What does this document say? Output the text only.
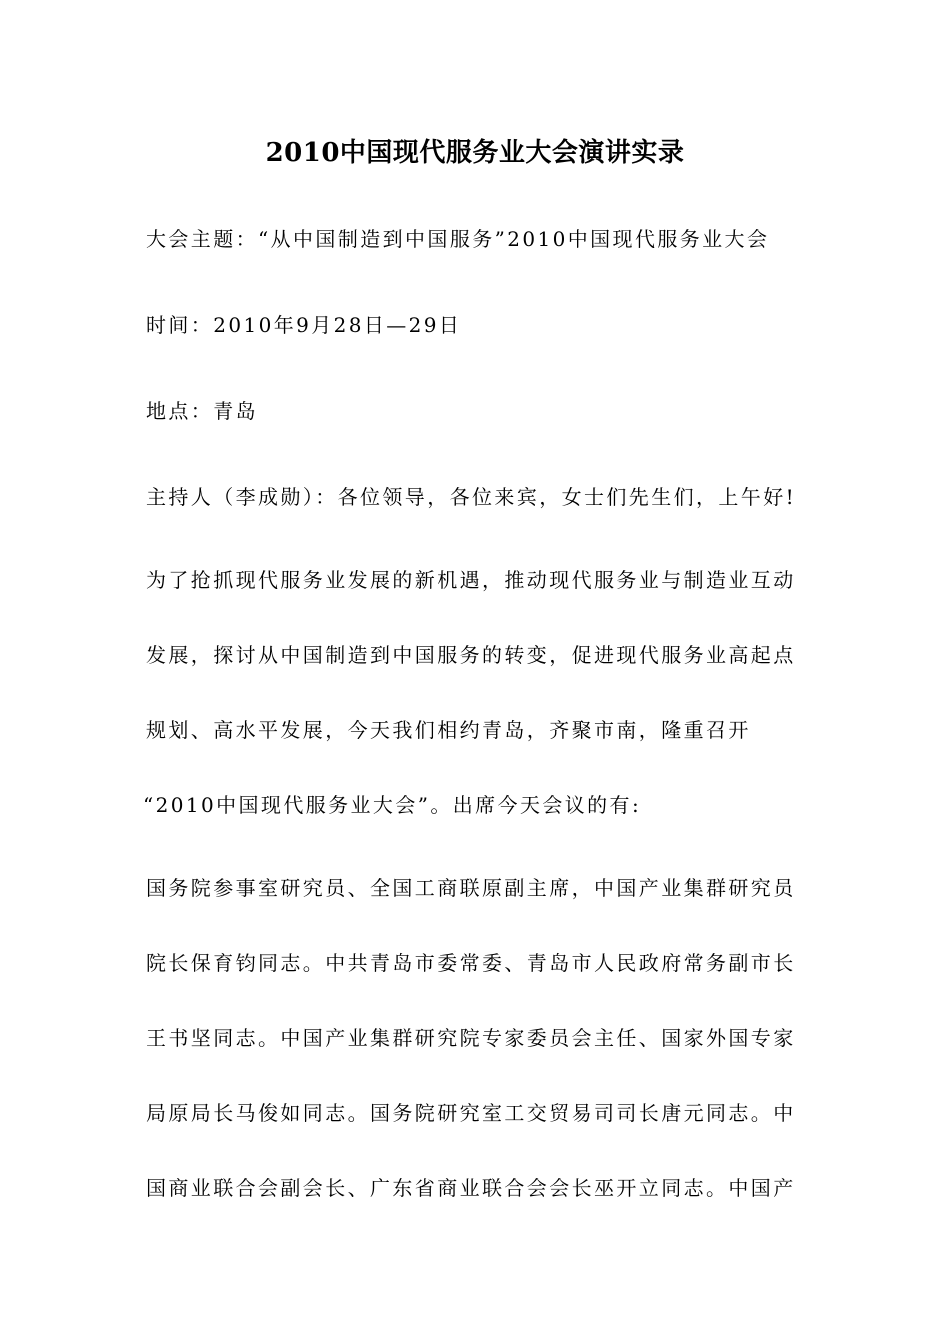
2010中国现代服务业大会演讲实录
大会主题：“从中国制造到中国服务”2010中国现代服务业大会
时间：2010年9月28日—29日
地点：青岛
主持人（李成勋）：各位领导，各位来宾，女士们先生们，上午好!
为了抢抓现代服务业发展的新机遇，推动现代服务业与制造业互动
发展，探讨从中国制造到中国服务的转变，促进现代服务业高起点
规划、高水平发展，今天我们相约青岛，齐聚市南，隆重召开
“2010中国现代服务业大会”。出席今天会议的有:
国务院参事室研究员、全国工商联原副主席，中国产业集群研究员
院长保育钧同志。中共青岛市委常委、青岛市人民政府常务副市长
王书坚同志。中国产业集群研究院专家委员会主任、国家外国专家
局原局长马俊如同志。国务院研究室工交贸易司司长唐元同志。中
国商业联合会副会长、广东省商业联合会会长巫开立同志。中国产
